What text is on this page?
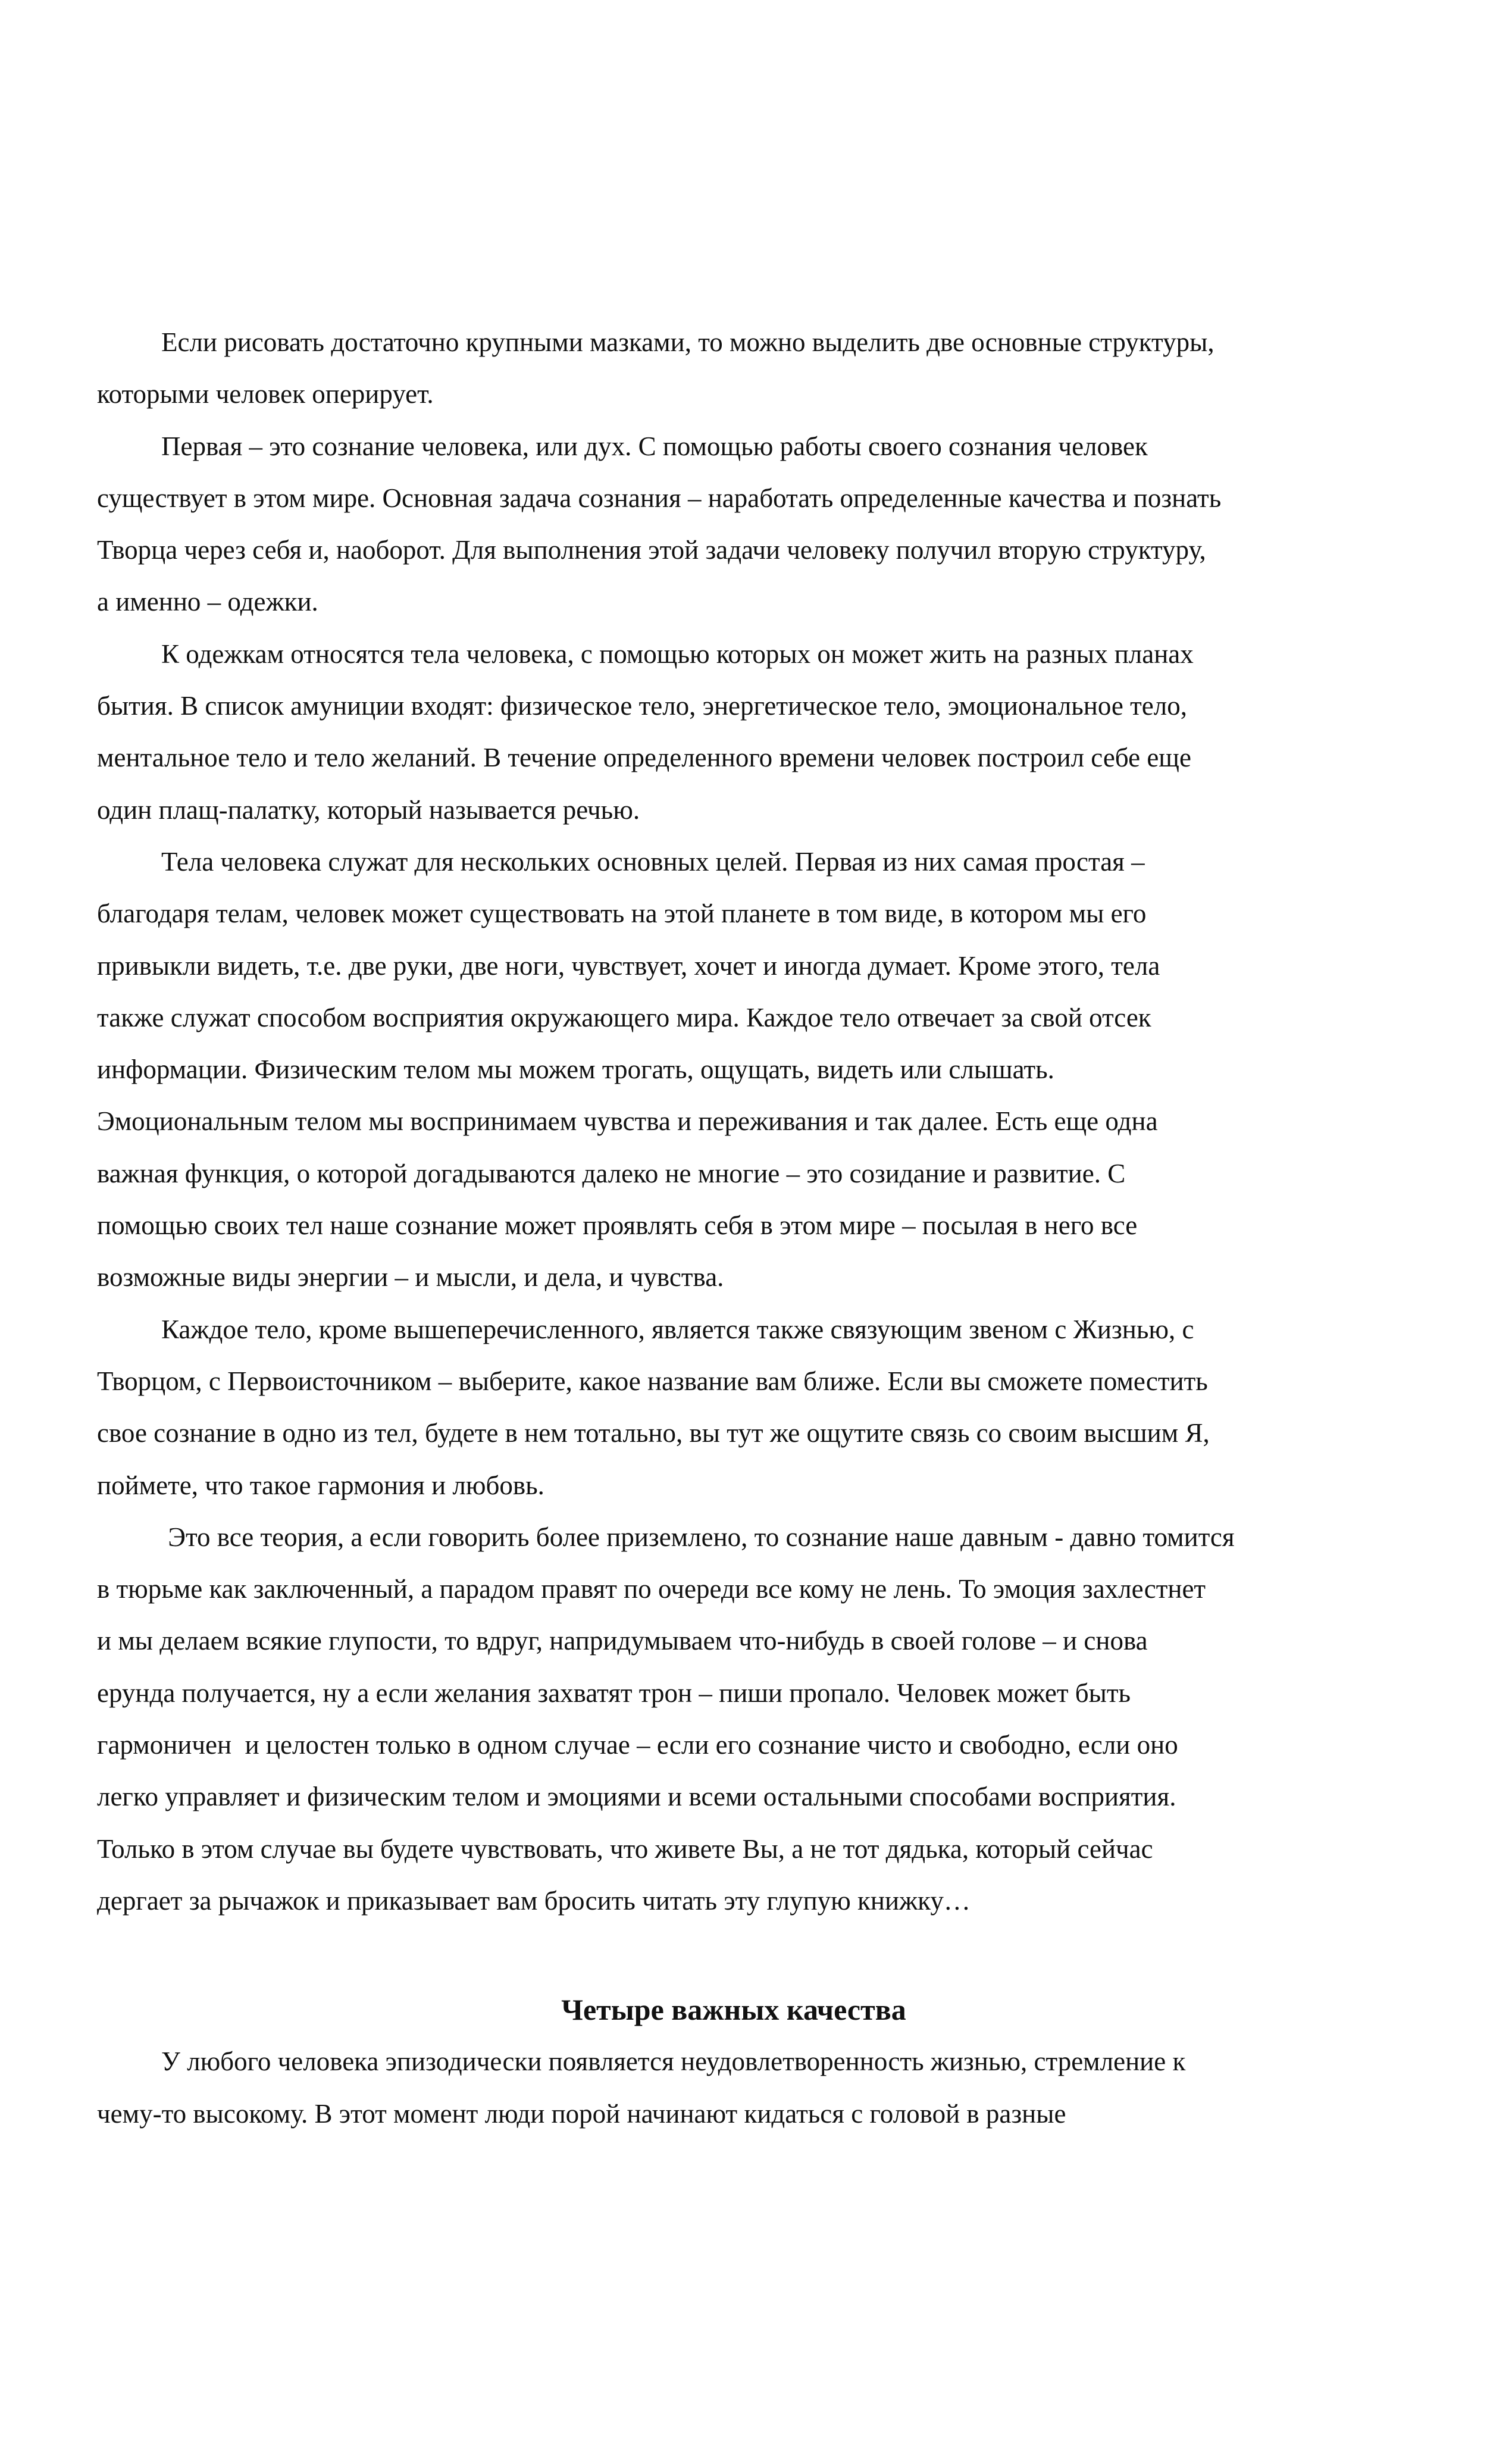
Если рисовать достаточно крупными мазками, то можно выделить две основные структуры,
которыми человек оперирует.

Первая – это сознание человека, или дух. С помощью работы своего сознания человек
существует в этом мире. Основная задача сознания – наработать определенные качества и познать
Творца через себя и, наоборот. Для выполнения этой задачи человеку получил вторую структуру,
а именно – одежки.

К одежкам относятся тела человека, с помощью которых он может жить на разных планах
бытия. В список амуниции входят: физическое тело, энергетическое тело, эмоциональное тело,
ментальное тело и тело желаний. В течение определенного времени человек построил себе еще
один плащ-палатку, который называется речью.

Тела человека служат для нескольких основных целей. Первая из них самая простая –
благодаря телам, человек может существовать на этой планете в том виде, в котором мы его
привыкли видеть, т.е. две руки, две ноги, чувствует, хочет и иногда думает. Кроме этого, тела
также служат способом восприятия окружающего мира. Каждое тело отвечает за свой отсек
информации. Физическим телом мы можем трогать, ощущать, видеть или слышать.
Эмоциональным телом мы воспринимаем чувства и переживания и так далее. Есть еще одна
важная функция, о которой догадываются далеко не многие – это созидание и развитие. С
помощью своих тел наше сознание может проявлять себя в этом мире – посылая в него все
возможные виды энергии – и мысли, и дела, и чувства.

Каждое тело, кроме вышеперечисленного, является также связующим звеном с Жизнью, с
Творцом, с Первоисточником – выберите, какое название вам ближе. Если вы сможете поместить
свое сознание в одно из тел, будете в нем тотально, вы тут же ощутите связь со своим высшим Я,
поймете, что такое гармония и любовь.

Это все теория, а если говорить более приземлено, то сознание наше давным - давно томится
в тюрьме как заключенный, а парадом правят по очереди все кому не лень. То эмоция захлестнет
и мы делаем всякие глупости, то вдруг, напридумываем что-нибудь в своей голове – и снова
ерунда получается, ну а если желания захватят трон – пиши пропало. Человек может быть
гармоничен  и целостен только в одном случае – если его сознание чисто и свободно, если оно
легко управляет и физическим телом и эмоциями и всеми остальными способами восприятия.
Только в этом случае вы будете чувствовать, что живете Вы, а не тот дядька, который сейчас
дергает за рычажок и приказывает вам бросить читать эту глупую книжку…

Четыре важных качества

У любого человека эпизодически появляется неудовлетворенность жизнью, стремление к
чему-то высокому. В этот момент люди порой начинают кидаться с головой в разные
